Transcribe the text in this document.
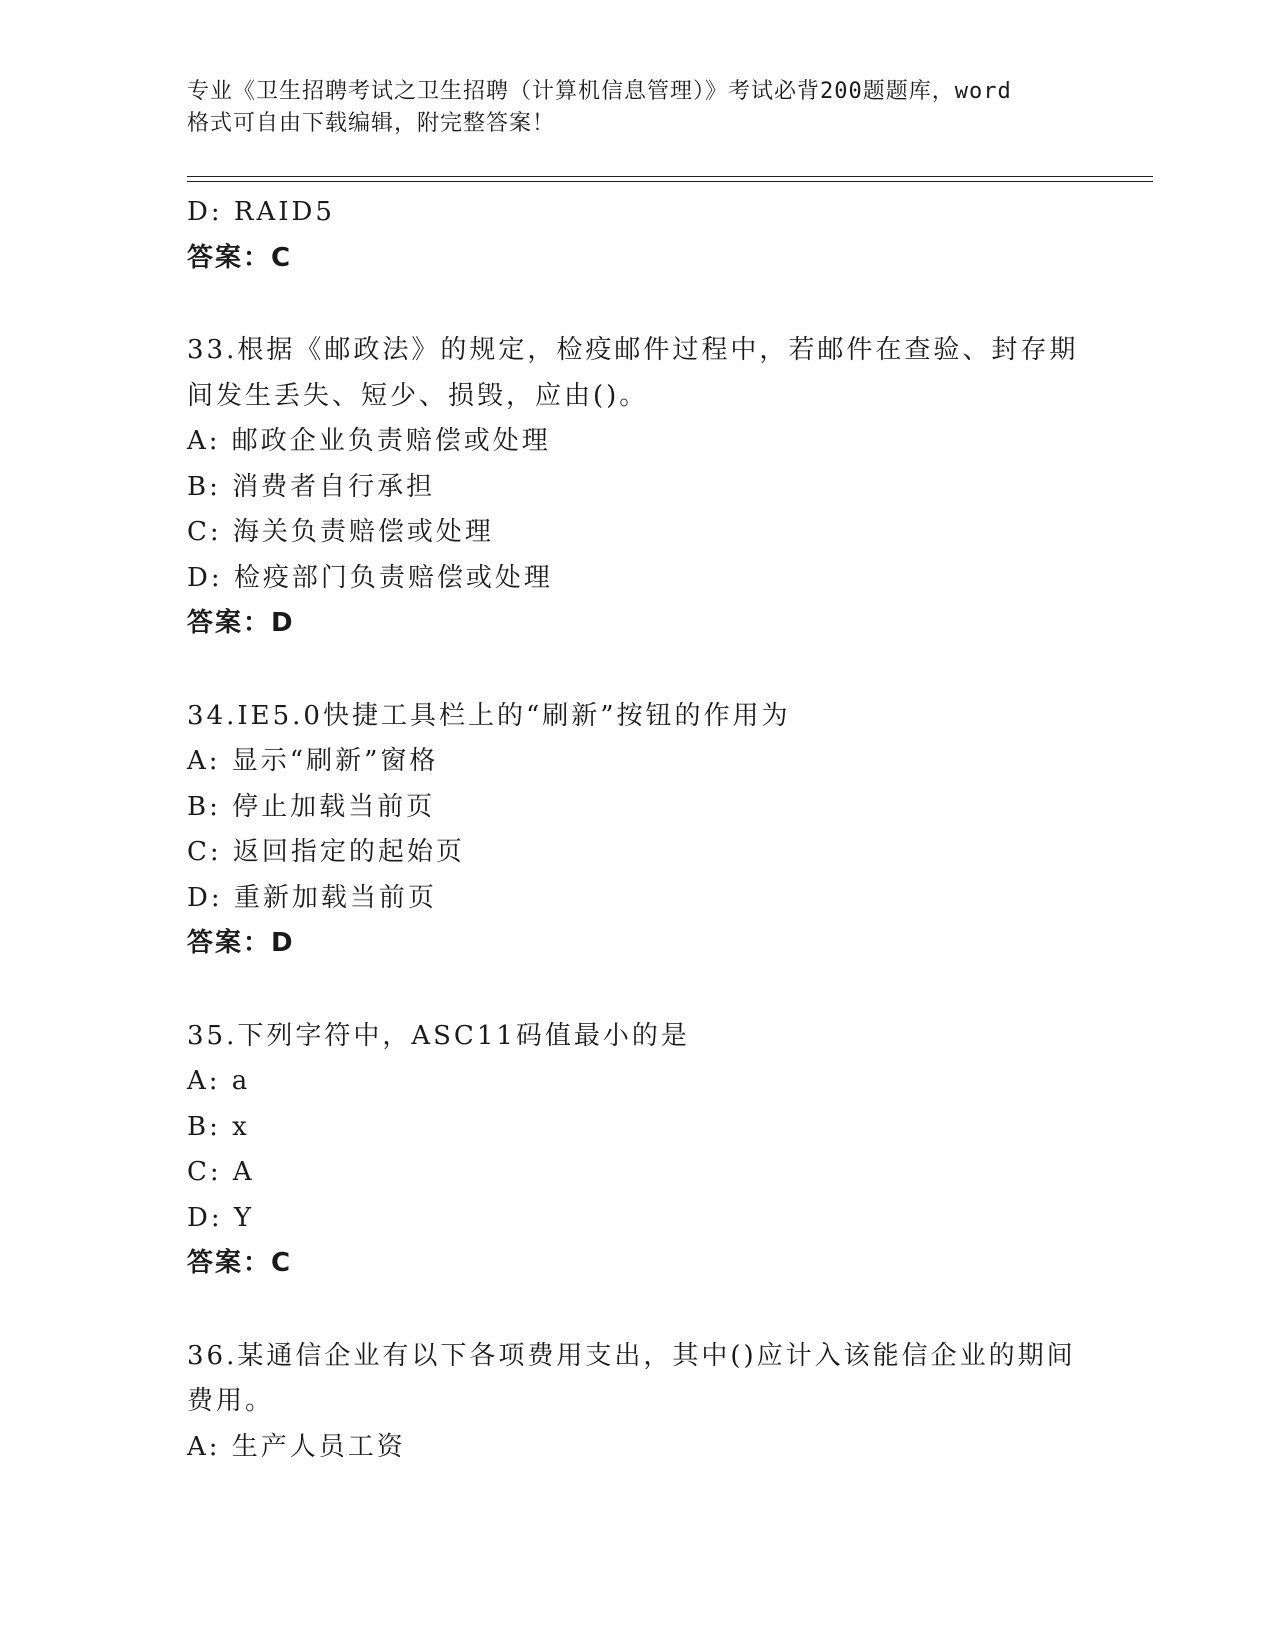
专业《卫生招聘考试之卫生招聘（计算机信息管理）》考试必背200题题库，word
格式可自由下载编辑，附完整答案！
D: RAID5
答案：C
33.根据《邮政法》的规定，检疫邮件过程中，若邮件在查验、封存期
间发生丢失、短少、损毁，应由()。
A: 邮政企业负责赔偿或处理
B: 消费者自行承担
C: 海关负责赔偿或处理
D: 检疫部门负责赔偿或处理
答案：D
34.IE5.0快捷工具栏上的“刷新”按钮的作用为
A: 显示“刷新”窗格
B: 停止加载当前页
C: 返回指定的起始页
D: 重新加载当前页
答案：D
35.下列字符中，ASC11码值最小的是
A: a
B: x
C: A
D: Y
答案：C
36.某通信企业有以下各项费用支出，其中()应计入该能信企业的期间
费用。
A: 生产人员工资
